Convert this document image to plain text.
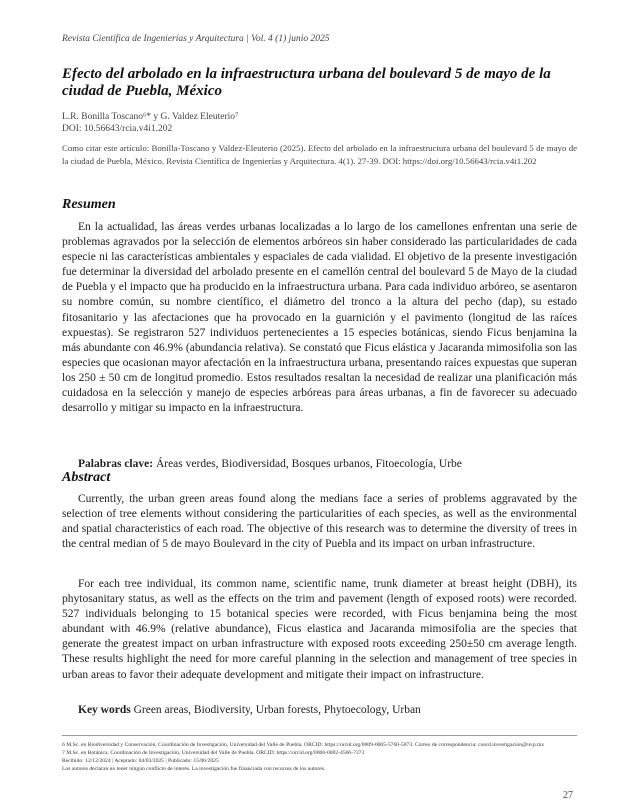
Revista Científica de Ingenierías y Arquitectura | Vol. 4 (1) junio 2025
Efecto del arbolado en la infraestructura urbana del boulevard 5 de mayo de la ciudad de Puebla, México
L.R. Bonilla Toscano⁶* y G. Valdez Eleuterio⁷
DOI: 10.56643/rcia.v4i1.202
Como citar este artículo: Bonilla-Toscano y Valdez-Eleuterio (2025). Efecto del arbolado en la infraestructura urbana del boulevard 5 de mayo de la ciudad de Puebla, México. Revista Científica de Ingenierías y Arquitectura. 4(1). 27-39. DOI: https://doi.org/10.56643/rcia.v4i1.202
Resumen

En la actualidad, las áreas verdes urbanas localizadas a lo largo de los camellones enfrentan una serie de problemas agravados por la selección de elementos arbóreos sin haber considerado las particularidades de cada especie ni las características ambientales y espaciales de cada vialidad. El objetivo de la presente investigación fue determinar la diversidad del arbolado presente en el camellón central del boulevard 5 de Mayo de la ciudad de Puebla y el impacto que ha producido en la infraestructura urbana. Para cada individuo arbóreo, se asentaron su nombre común, su nombre científico, el diámetro del tronco a la altura del pecho (dap), su estado fitosanitario y las afectaciones que ha provocado en la guarnición y el pavimento (longitud de las raíces expuestas). Se registraron 527 individuos pertenecientes a 15 especies botánicas, siendo Ficus benjamina la más abundante con 46.9% (abundancia relativa). Se constató que Ficus elástica y Jacaranda mimosifolia son las especies que ocasionan mayor afectación en la infraestructura urbana, presentando raíces expuestas que superan los 250 ± 50 cm de longitud promedio. Estos resultados resaltan la necesidad de realizar una planificación más cuidadosa en la selección y manejo de especies arbóreas para áreas urbanas, a fin de favorecer su adecuado desarrollo y mitigar su impacto en la infraestructura.

Palabras clave: Áreas verdes, Biodiversidad, Bosques urbanos, Fitoecología, Urbe
Abstract

Currently, the urban green areas found along the medians face a series of problems aggravated by the selection of tree elements without considering the particularities of each species, as well as the environmental and spatial characteristics of each road. The objective of this research was to determine the diversity of trees in the central median of 5 de mayo Boulevard in the city of Puebla and its impact on urban infrastructure.

For each tree individual, its common name, scientific name, trunk diameter at breast height (DBH), its phytosanitary status, as well as the effects on the trim and pavement (length of exposed roots) were recorded. 527 individuals belonging to 15 botanical species were recorded, with Ficus benjamina being the most abundant with 46.9% (relative abundance), Ficus elastica and Jacaranda mimosifolia are the species that generate the greatest impact on urban infrastructure with exposed roots exceeding 250±50 cm average length. These results highlight the need for more careful planning in the selection and management of tree species in urban areas to favor their adequate development and mitigate their impact on infrastructure.

Key words Green areas, Biodiversity, Urban forests, Phytoecology, Urban
6 M.Sc. en Biodiversidad y Conservación, Coordinación de Investigación, Universidad del Valle de Puebla. ORCID: https://orcid.org/0009-0005-5760-5873. Correo de correspondencia: coord.investigacion@uvp.mx
7 M.Sc. en Botánica, Coordinación de Investigación, Universidad del Valle de Puebla. ORCID: https://orcid.org/0000-0002-4566-7373
Recibido: 12/12/2024 | Aceptado: 04/03/2025 | Publicado: 15/06/2025
Los autores declaran no tener ningún conflicto de interés. La investigación fue financiada con recursos de los autores.
27
